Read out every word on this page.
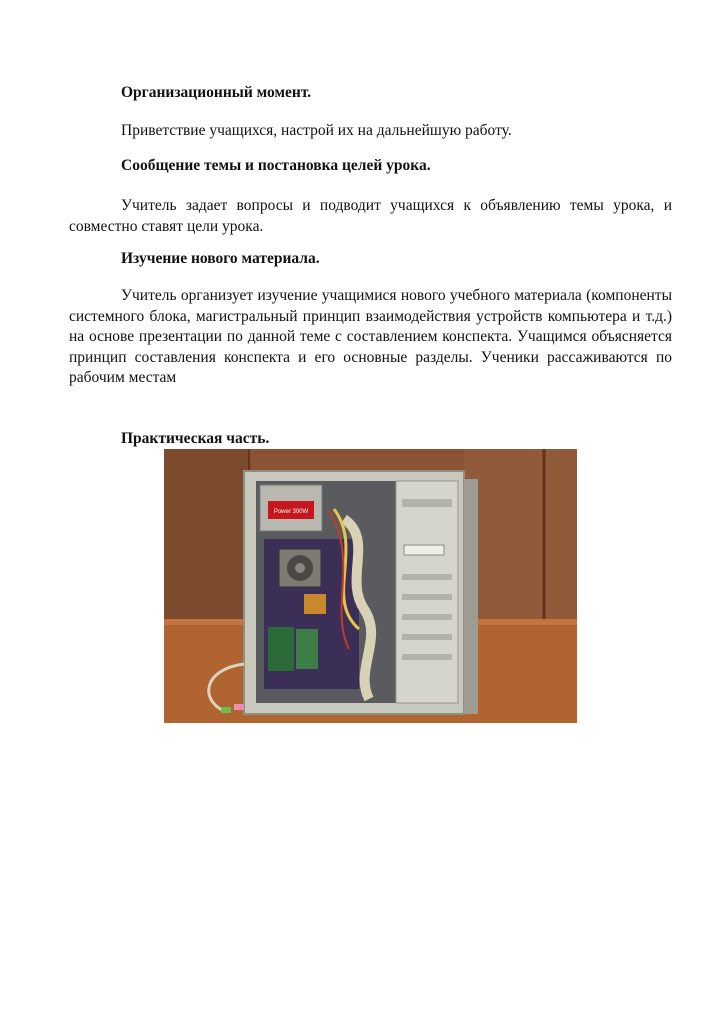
Организационный момент.

Приветствие учащихся, настрой их на дальнейшую работу.

Сообщение темы и постановка целей урока.

Учитель задает вопросы и подводит учащихся к объявлению темы урока, и совместно ставят цели урока.

Изучение нового материала.

Учитель организует изучение учащимися нового учебного материала (компоненты системного блока, магистральный принцип взаимодействия устройств компьютера и т.д.) на основе презентации по данной теме с составлением конспекта. Учащимся объясняется принцип составления конспекта и его основные разделы. Ученики рассаживаются по рабочим местам

Практическая часть.

Power 300W
